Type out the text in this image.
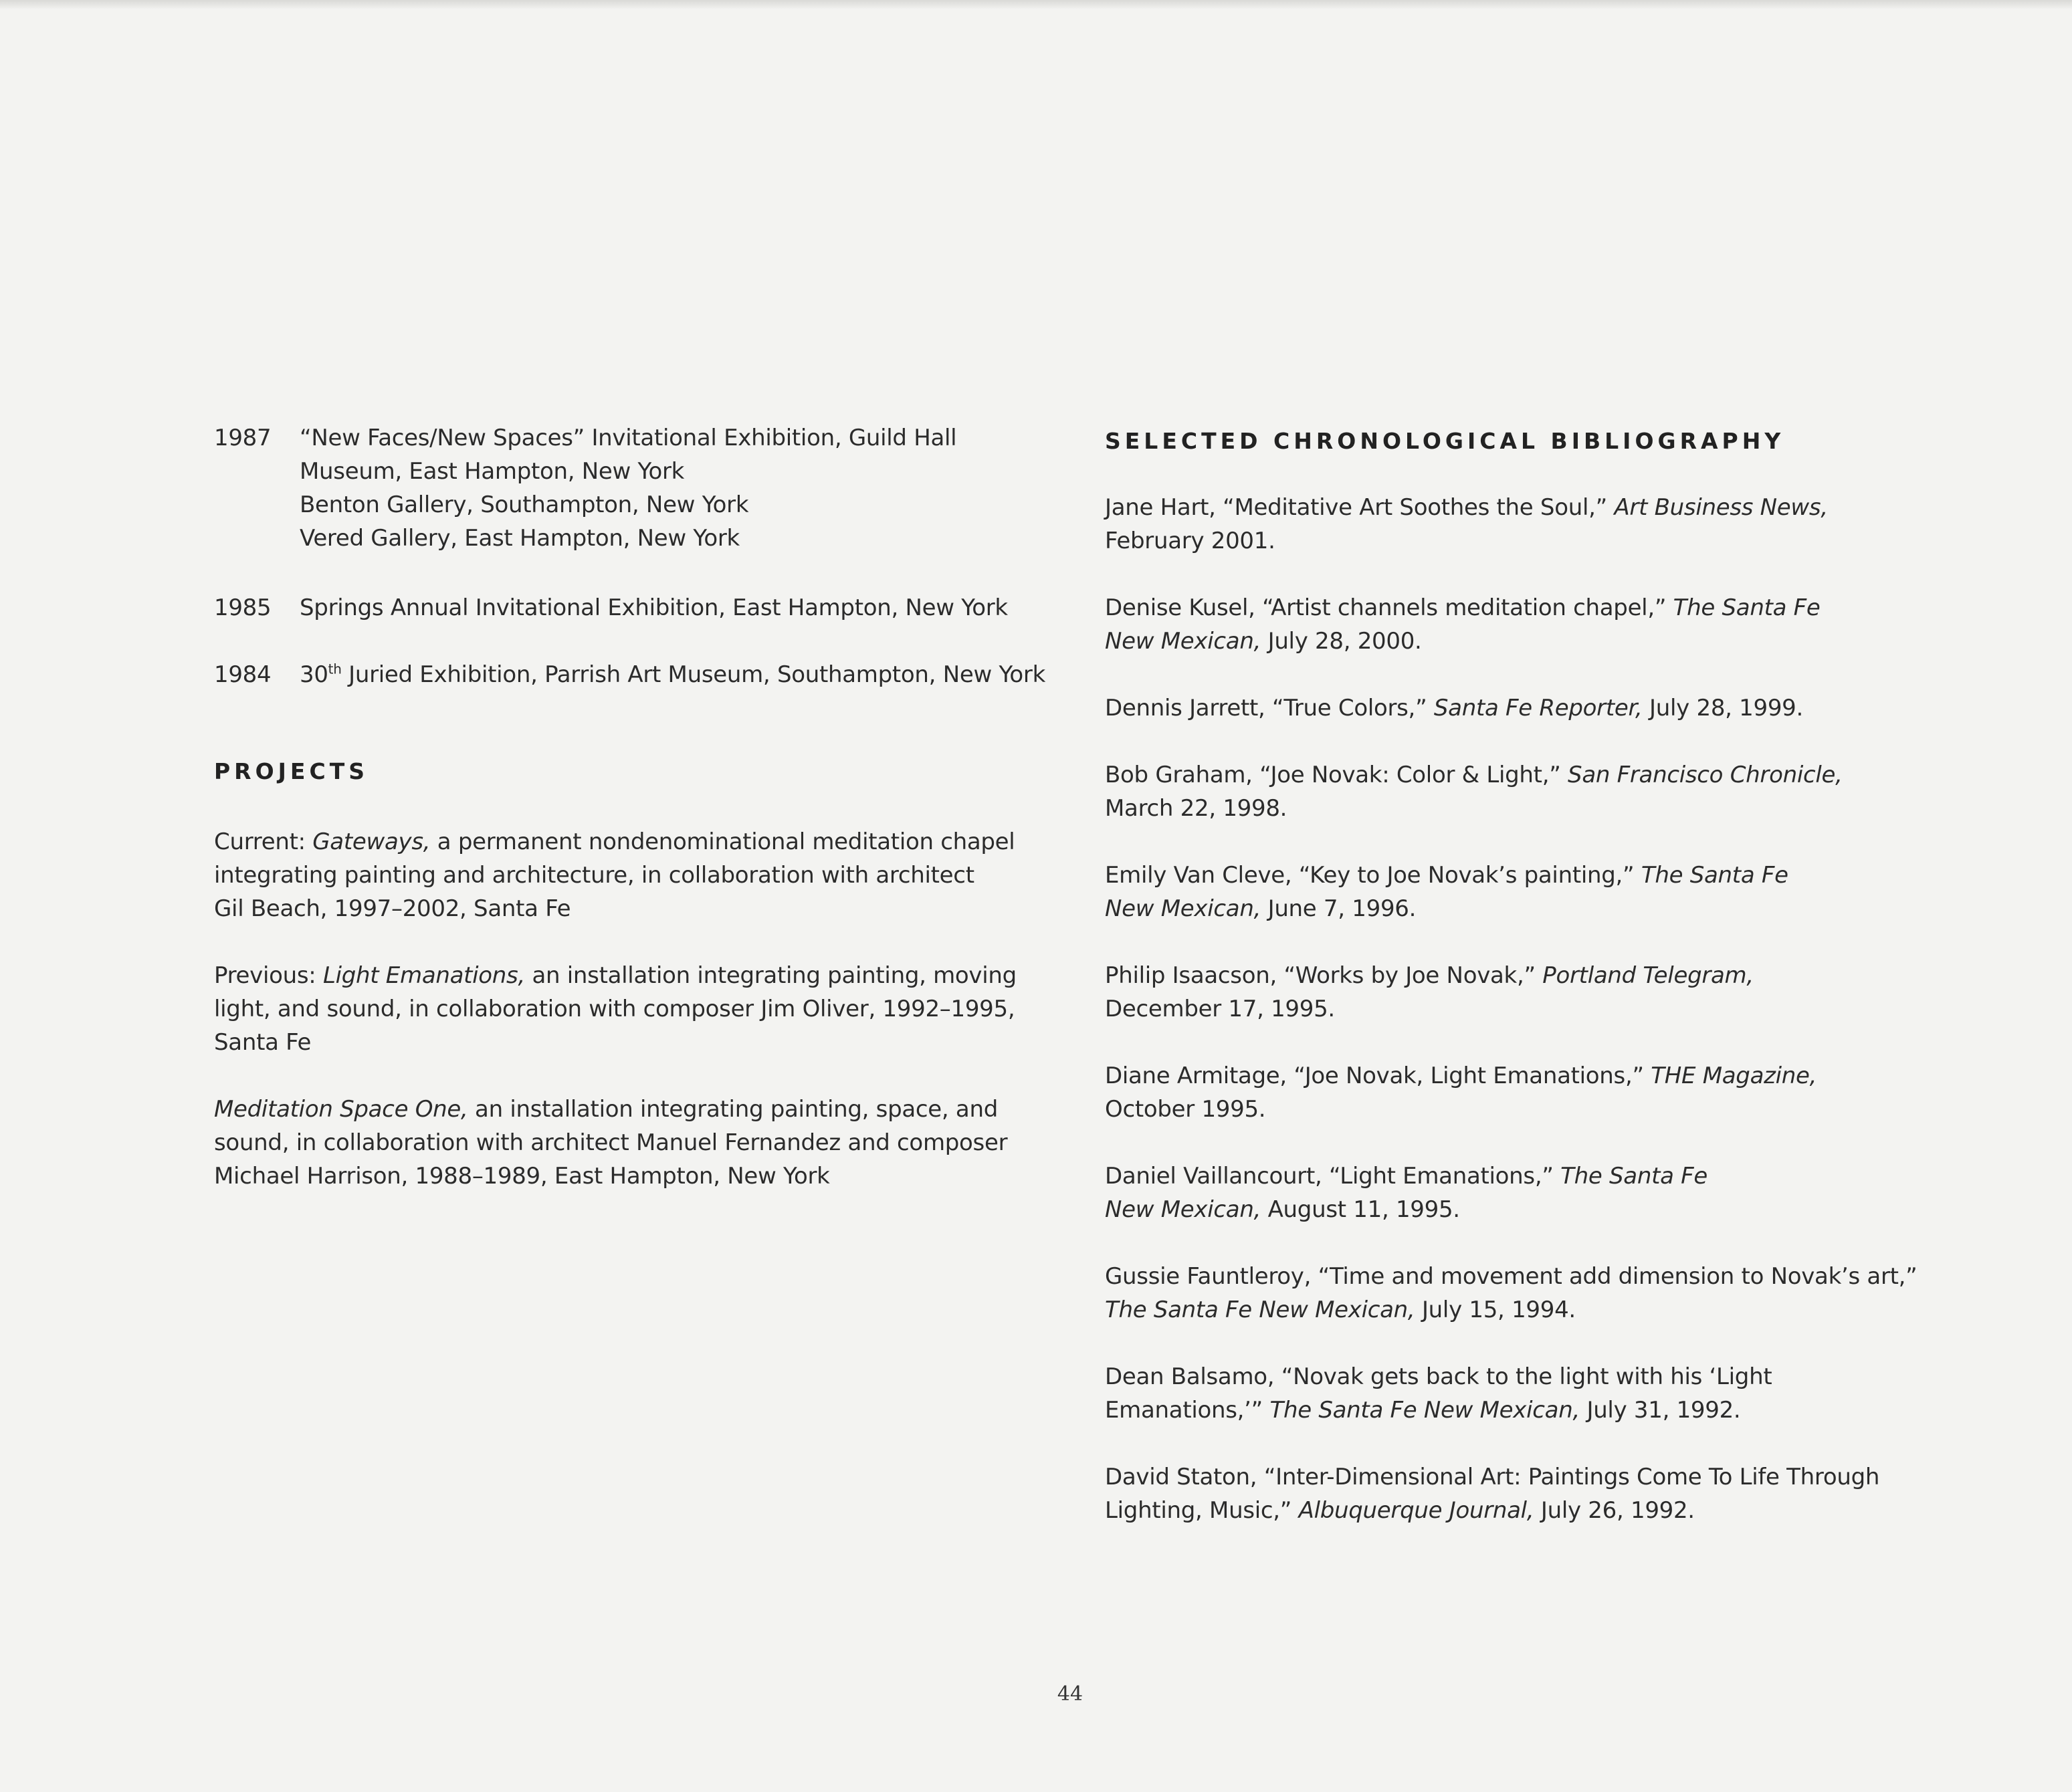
1987	“New Faces/New Spaces” Invitational Exhibition, Guild Hall
Museum, East Hampton, New York
Benton Gallery, Southampton, New York
Vered Gallery, East Hampton, New York
1985	Springs Annual Invitational Exhibition, East Hampton, New York
1984	30th Juried Exhibition, Parrish Art Museum, Southampton, New York
PROJECTS
Current: Gateways, a permanent nondenominational meditation chapel
integrating painting and architecture, in collaboration with architect
Gil Beach, 1997–2002, Santa Fe
Previous: Light Emanations, an installation integrating painting, moving
light, and sound, in collaboration with composer Jim Oliver, 1992–1995,
Santa Fe
Meditation Space One, an installation integrating painting, space, and
sound, in collaboration with architect Manuel Fernandez and composer
Michael Harrison, 1988–1989, East Hampton, New York
SELECTED CHRONOLOGICAL BIBLIOGRAPHY
Jane Hart, “Meditative Art Soothes the Soul,” Art Business News,
February 2001.
Denise Kusel, “Artist channels meditation chapel,” The Santa Fe
New Mexican, July 28, 2000.
Dennis Jarrett, “True Colors,” Santa Fe Reporter, July 28, 1999.
Bob Graham, “Joe Novak: Color & Light,” San Francisco Chronicle,
March 22, 1998.
Emily Van Cleve, “Key to Joe Novak’s painting,” The Santa Fe
New Mexican, June 7, 1996.
Philip Isaacson, “Works by Joe Novak,” Portland Telegram,
December 17, 1995.
Diane Armitage, “Joe Novak, Light Emanations,” THE Magazine,
October 1995.
Daniel Vaillancourt, “Light Emanations,” The Santa Fe
New Mexican, August 11, 1995.
Gussie Fauntleroy, “Time and movement add dimension to Novak’s art,”
The Santa Fe New Mexican, July 15, 1994.
Dean Balsamo, “Novak gets back to the light with his ‘Light
Emanations,’” The Santa Fe New Mexican, July 31, 1992.
David Staton, “Inter-Dimensional Art: Paintings Come To Life Through
Lighting, Music,” Albuquerque Journal, July 26, 1992.
44
